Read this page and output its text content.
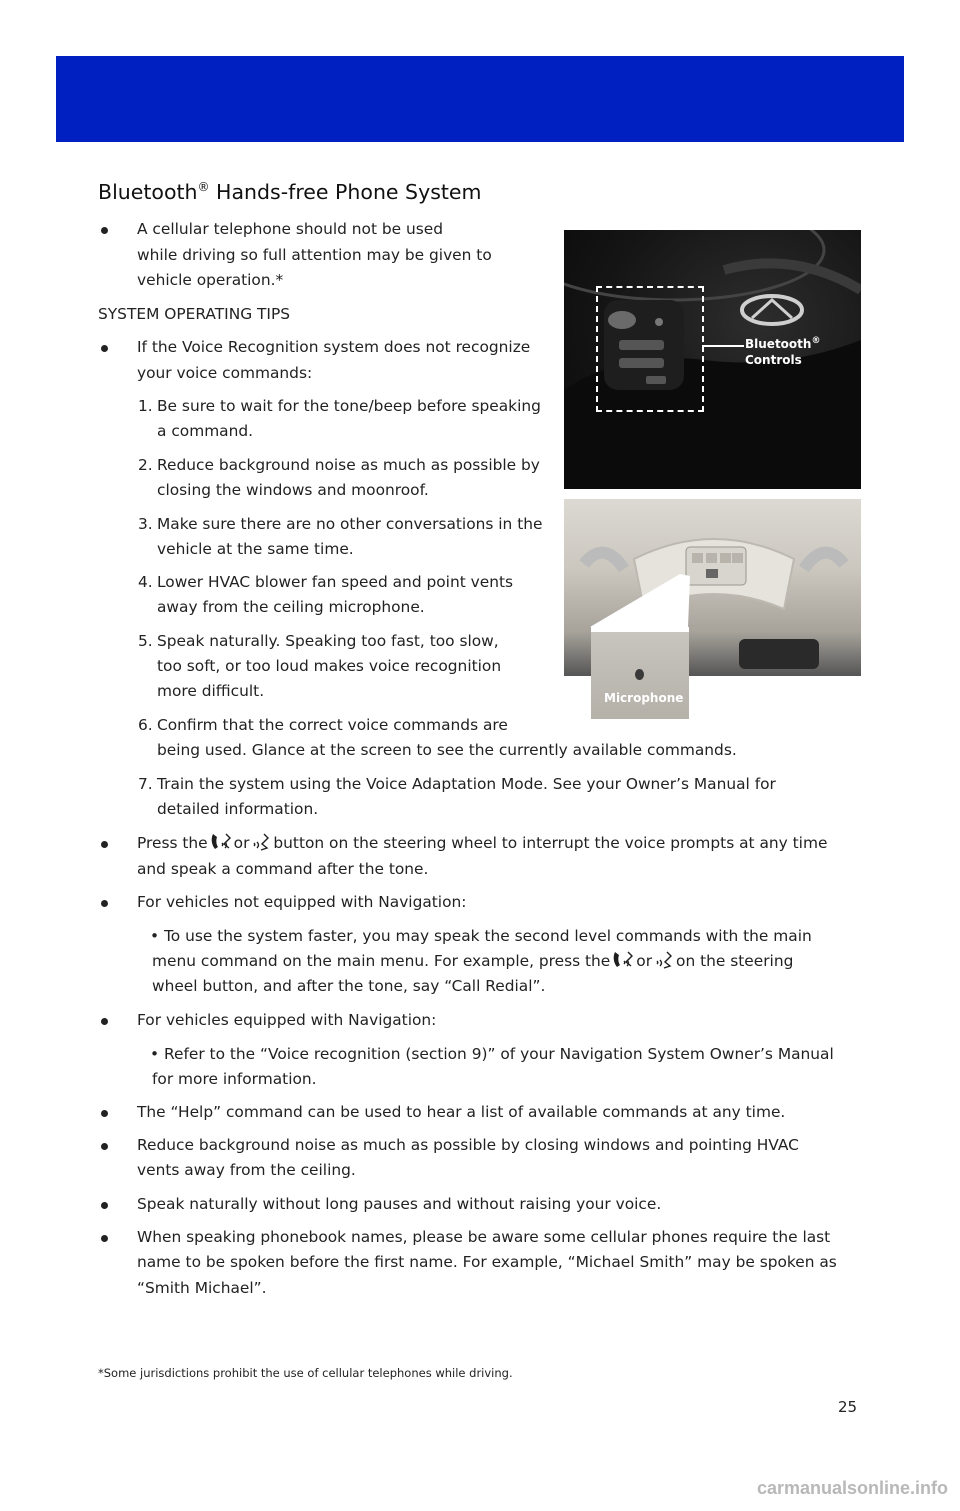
Bluetooth® Hands-free Phone System

A cellular telephone should not be used

while driving so full attention may be given to

vehicle operation.*

SYSTEM OPERATING TIPS

If the Voice Recognition system does not recognize

your voice commands:

1. Be sure to wait for the tone/beep before speaking

a command.

2. Reduce background noise as much as possible by

closing the windows and moonroof.

3. Make sure there are no other conversations in the

vehicle at the same time.

4. Lower HVAC blower fan speed and point vents

away from the ceiling microphone.

5. Speak naturally. Speaking too fast, too slow,

too soft, or too loud makes voice recognition

more difficult.

6. Confirm that the correct voice commands are

being used. Glance at the screen to see the currently available commands.

7. Train the system using the Voice Adaptation Mode. See your Owner’s Manual for

detailed information.

Press the or button on the steering wheel to interrupt the voice prompts at any time

and speak a command after the tone.

For vehicles not equipped with Navigation:

• To use the system faster, you may speak the second level commands with the main

menu command on the main menu. For example, press the or on the steering

wheel button, and after the tone, say “Call Redial”.

For vehicles equipped with Navigation:

• Refer to the “Voice recognition (section 9)” of your Navigation System Owner’s Manual

for more information.

The “Help” command can be used to hear a list of available commands at any time.

Reduce background noise as much as possible by closing windows and pointing HVAC

vents away from the ceiling.

Speak naturally without long pauses and without raising your voice.

When speaking phonebook names, please be aware some cellular phones require the last

name to be spoken before the first name. For example, “Michael Smith” may be spoken as

“Smith Michael”.

Bluetooth®
Controls
Microphone

*Some jurisdictions prohibit the use of cellular telephones while driving.

25

carmanualsonline.info
